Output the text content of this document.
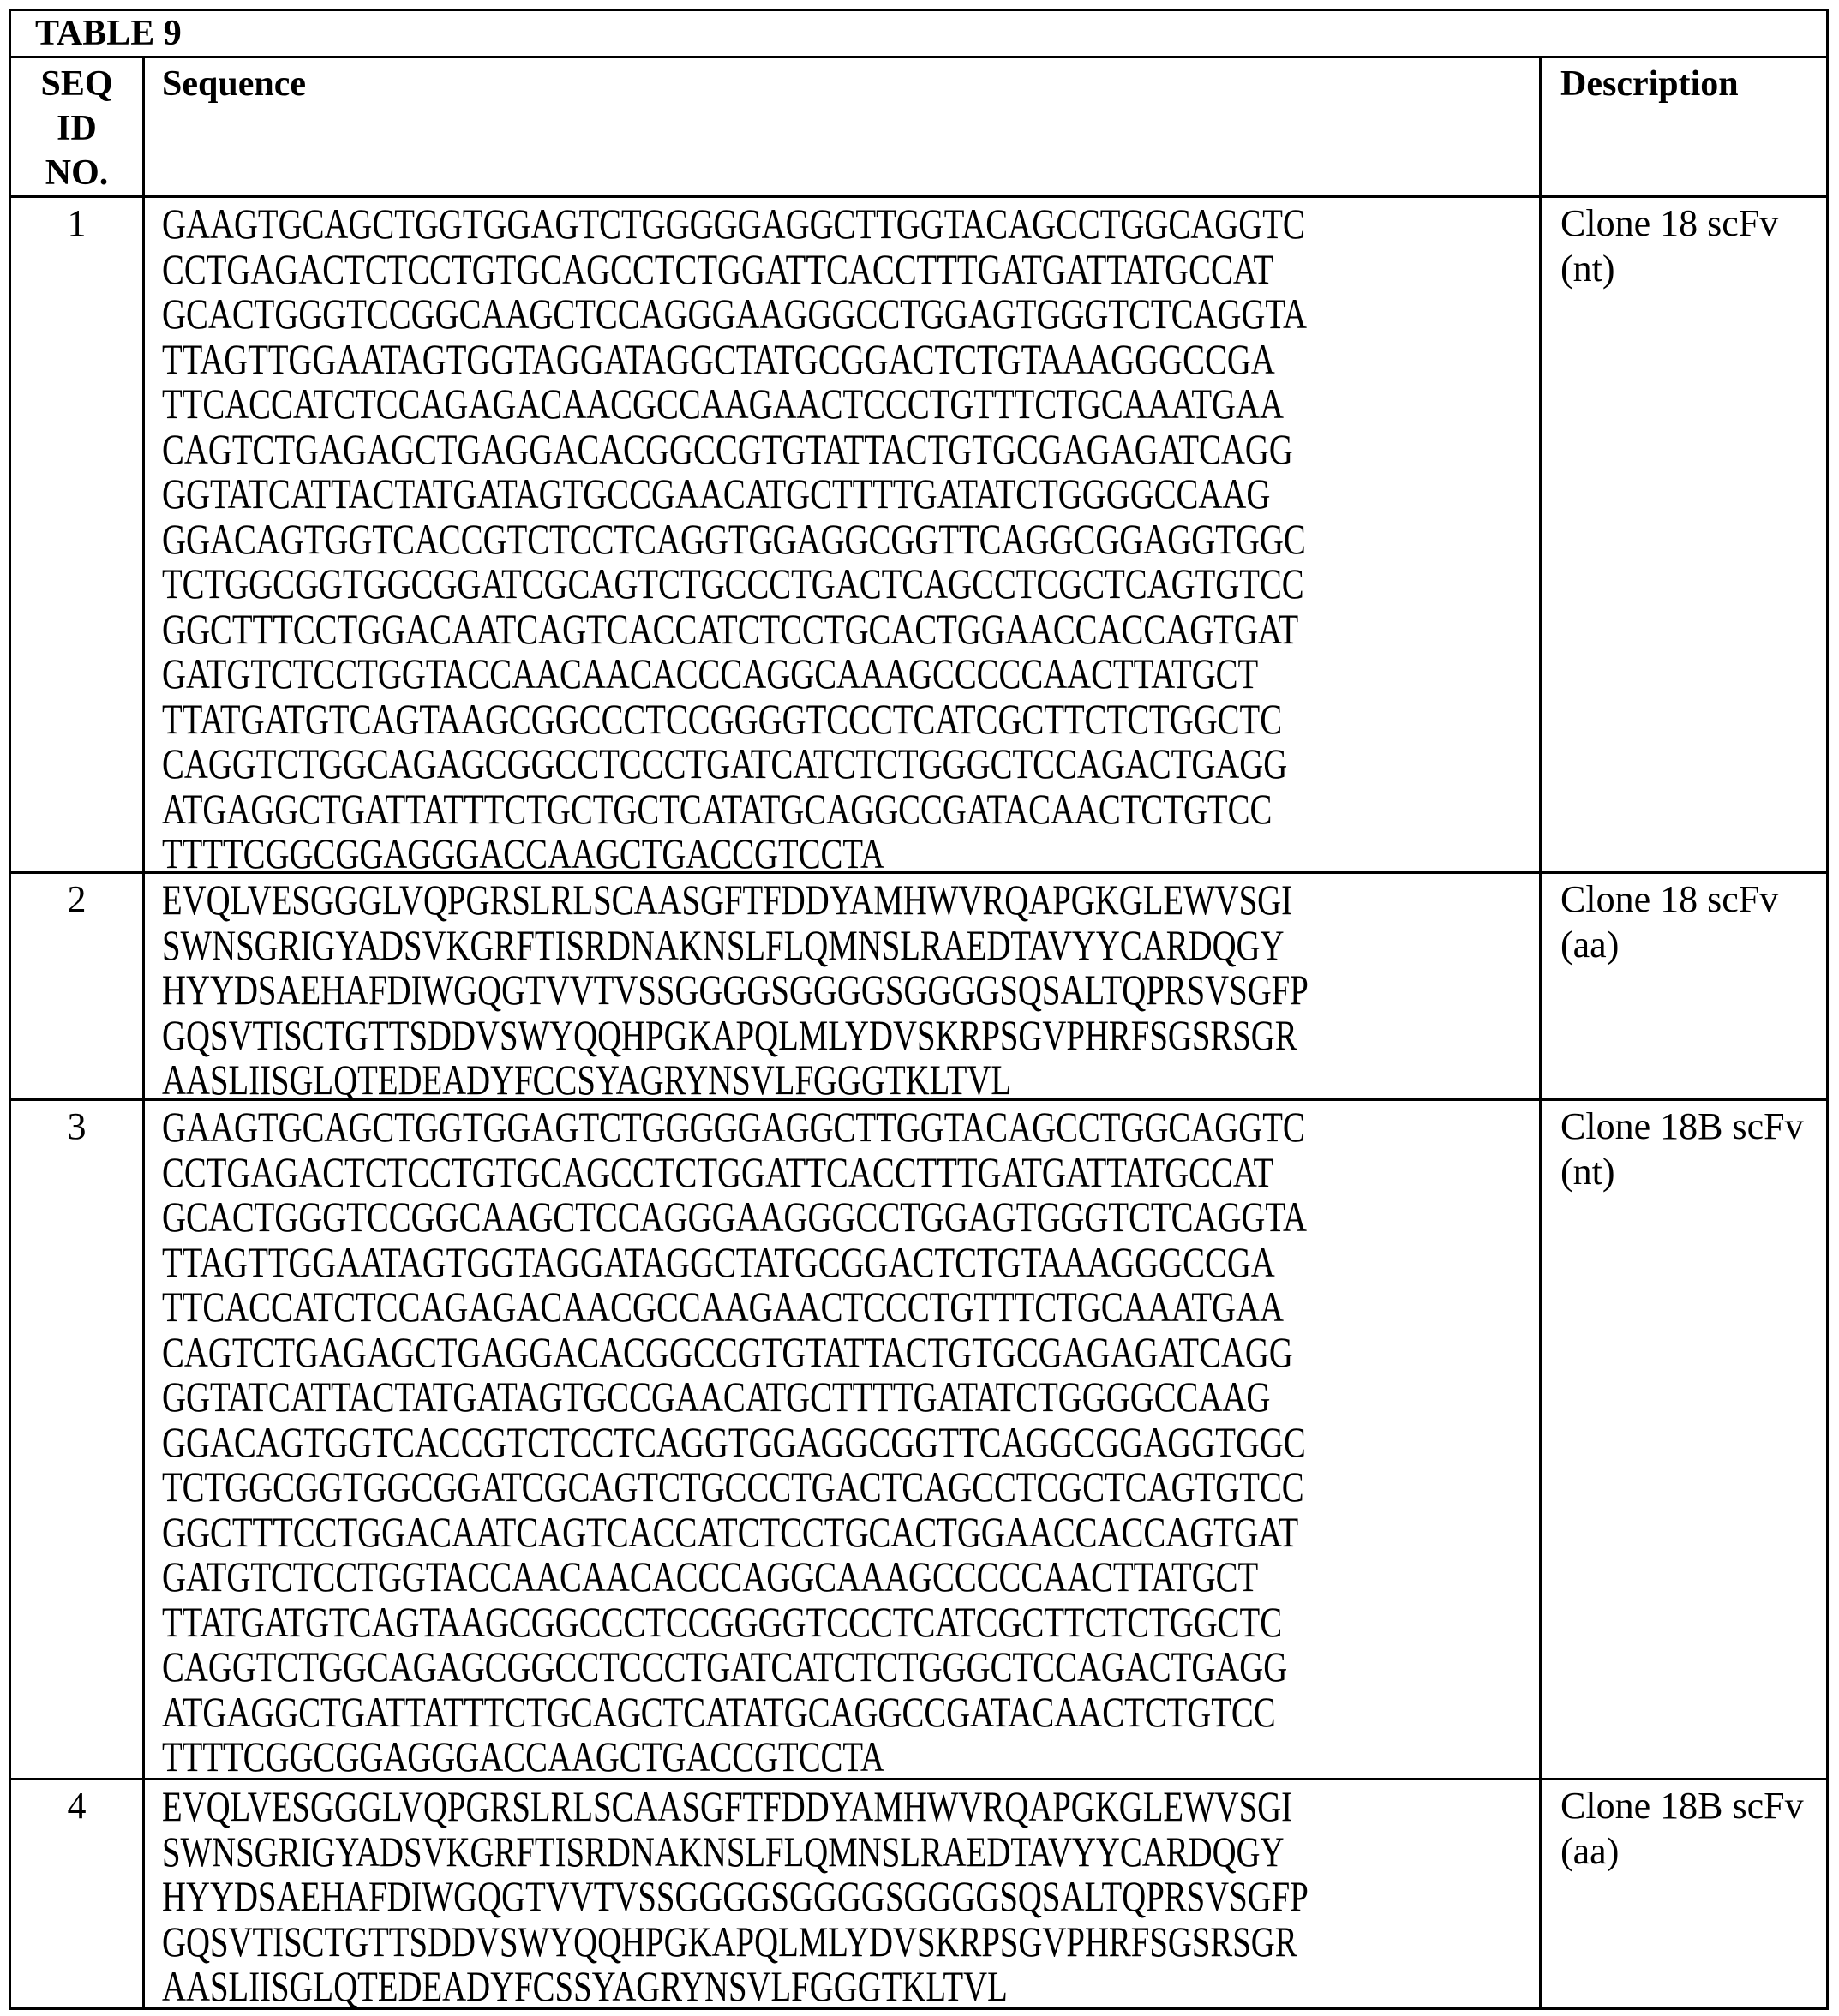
TABLE 9
SEQ ID NO.
Sequence	Description
1	GAAGTGCAGCTGGTGGAGTCTGGGGGAGGCTTGGTACAGCCTGGCAGGTC
CCTGAGACTCTCCTGTGCAGCCTCTGGATTCACCTTTGATGATTATGCCAT
GCACTGGGTCCGGCAAGCTCCAGGGAAGGGCCTGGAGTGGGTCTCAGGTA
TTAGTTGGAATAGTGGTAGGATAGGCTATGCGGACTCTGTAAAGGGCCGA
TTCACCATCTCCAGAGACAACGCCAAGAACTCCCTGTTTCTGCAAATGAA
CAGTCTGAGAGCTGAGGACACGGCCGTGTATTACTGTGCGAGAGATCAGG
GGTATCATTACTATGATAGTGCCGAACATGCTTTTGATATCTGGGGCCAAG
GGACAGTGGTCACCGTCTCCTCAGGTGGAGGCGGTTCAGGCGGAGGTGGC
TCTGGCGGTGGCGGATCGCAGTCTGCCCTGACTCAGCCTCGCTCAGTGTCC
GGCTTTCCTGGACAATCAGTCACCATCTCCTGCACTGGAACCACCAGTGAT
GATGTCTCCTGGTACCAACAACACCCAGGCAAAGCCCCCAACTTATGCT
TTATGATGTCAGTAAGCGGCCCTCCGGGGTCCCTCATCGCTTCTCTGGCTC
CAGGTCTGGCAGAGCGGCCTCCCTGATCATCTCTGGGCTCCAGACTGAGG
ATGAGGCTGATTATTTCTGCTGCTCATATGCAGGCCGATACAACTCTGTCC
TTTTCGGCGGAGGGACCAAGCTGACCGTCCTA
Clone 18 scFv (nt)
2	EVQLVESGGGLVQPGRSLRLSCAASGFTFDDYAMHWVRQAPGKGLEWVSGI
SWNSGRIGYADSVKGRFTISRDNAKNSLFLQMNSLRAEDTAVYYCARDQGY
HYYDSAEHAFDIWGQGTVVTVSSGGGGSGGGGSGGGGSQSALTQPRSVSGFP
GQSVTISCTGTTSDDVSWYQQHPGKAPQLMLYDVSKRPSGVPHRFSGSRSGR
AASLIISGLQTEDEADYFCCSYAGRYNSVLFGGGTKLTVL
Clone 18 scFv (aa)
3	GAAGTGCAGCTGGTGGAGTCTGGGGGAGGCTTGGTACAGCCTGGCAGGTC
CCTGAGACTCTCCTGTGCAGCCTCTGGATTCACCTTTGATGATTATGCCAT
GCACTGGGTCCGGCAAGCTCCAGGGAAGGGCCTGGAGTGGGTCTCAGGTA
TTAGTTGGAATAGTGGTAGGATAGGCTATGCGGACTCTGTAAAGGGCCGA
TTCACCATCTCCAGAGACAACGCCAAGAACTCCCTGTTTCTGCAAATGAA
CAGTCTGAGAGCTGAGGACACGGCCGTGTATTACTGTGCGAGAGATCAGG
GGTATCATTACTATGATAGTGCCGAACATGCTTTTGATATCTGGGGCCAAG
GGACAGTGGTCACCGTCTCCTCAGGTGGAGGCGGTTCAGGCGGAGGTGGC
TCTGGCGGTGGCGGATCGCAGTCTGCCCTGACTCAGCCTCGCTCAGTGTCC
GGCTTTCCTGGACAATCAGTCACCATCTCCTGCACTGGAACCACCAGTGAT
GATGTCTCCTGGTACCAACAACACCCAGGCAAAGCCCCCAACTTATGCT
TTATGATGTCAGTAAGCGGCCCTCCGGGGTCCCTCATCGCTTCTCTGGCTC
CAGGTCTGGCAGAGCGGCCTCCCTGATCATCTCTGGGCTCCAGACTGAGG
ATGAGGCTGATTATTTCTGCAGCTCATATGCAGGCCGATACAACTCTGTCC
TTTTCGGCGGAGGGACCAAGCTGACCGTCCTA
Clone 18B scFv (nt)
4	EVQLVESGGGLVQPGRSLRLSCAASGFTFDDYAMHWVRQAPGKGLEWVSGI
SWNSGRIGYADSVKGRFTISRDNAKNSLFLQMNSLRAEDTAVYYCARDQGY
HYYDSAEHAFDIWGQGTVVTVSSGGGGSGGGGSGGGGSQSALTQPRSVSGFP
GQSVTISCTGTTSDDVSWYQQHPGKAPQLMLYDVSKRPSGVPHRFSGSRSGR
AASLIISGLQTEDEADYFCSSYAGRYNSVLFGGGTKLTVL
Clone 18B scFv (aa)
